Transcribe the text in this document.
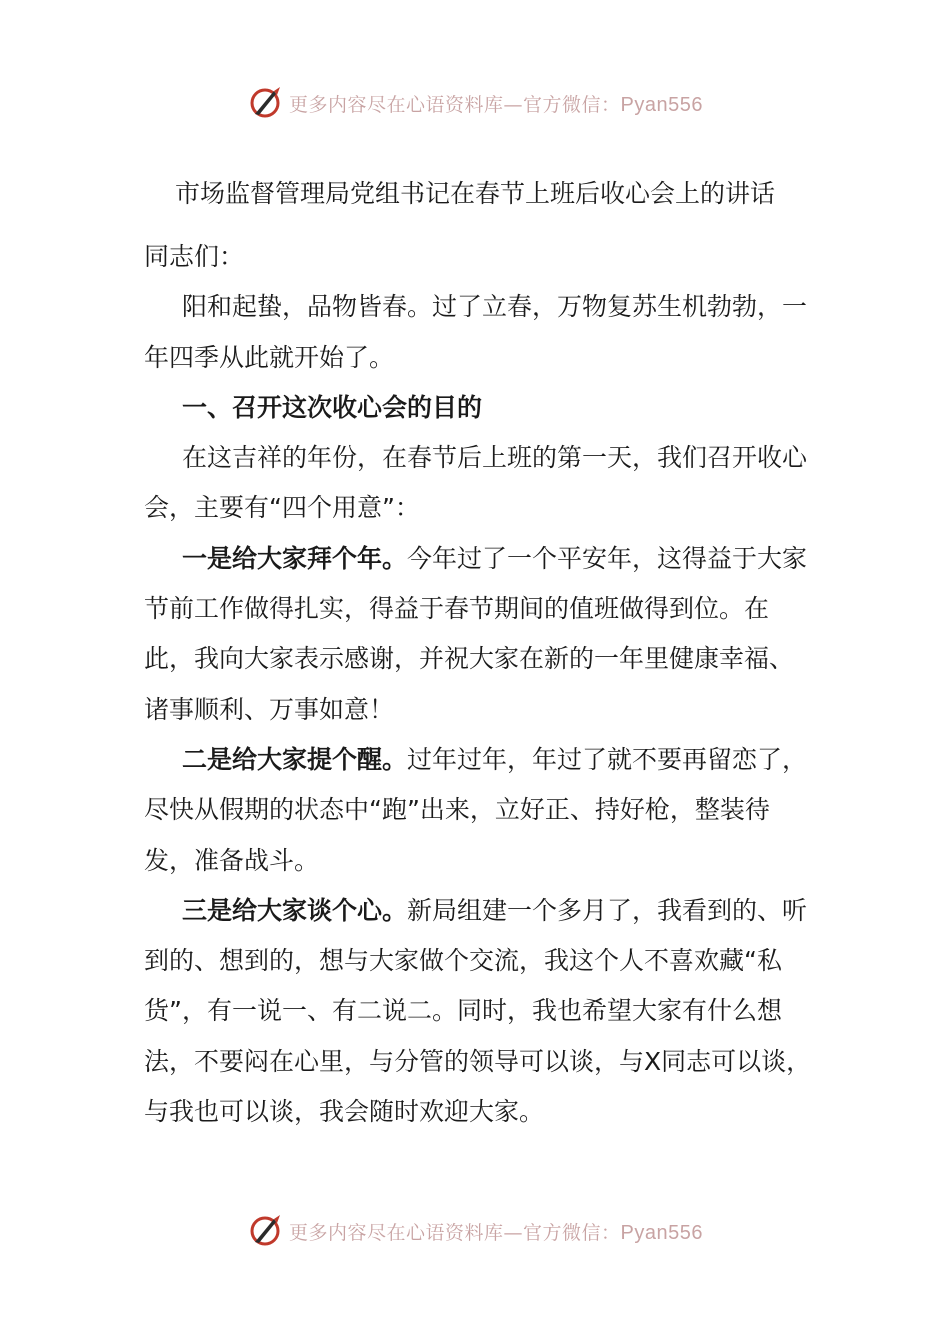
更多内容尽在心语资料库—官方微信：Pyan556
市场监督管理局党组书记在春节上班后收心会上的讲话

同志们：

阳和起蛰，品物皆春。过了立春，万物复苏生机勃勃，一年四季从此就开始了。

一、召开这次收心会的目的

在这吉祥的年份，在春节后上班的第一天，我们召开收心会，主要有“四个用意”：

一是给大家拜个年。今年过了一个平安年，这得益于大家节前工作做得扎实，得益于春节期间的值班做得到位。在此，我向大家表示感谢，并祝大家在新的一年里健康幸福、诸事顺利、万事如意！

二是给大家提个醒。过年过年，年过了就不要再留恋了，尽快从假期的状态中“跑”出来，立好正、持好枪，整装待发，准备战斗。

三是给大家谈个心。新局组建一个多月了，我看到的、听到的、想到的，想与大家做个交流，我这个人不喜欢藏“私货”，有一说一、有二说二。同时，我也希望大家有什么想法，不要闷在心里，与分管的领导可以谈，与X同志可以谈，与我也可以谈，我会随时欢迎大家。

更多内容尽在心语资料库—官方微信：Pyan556
